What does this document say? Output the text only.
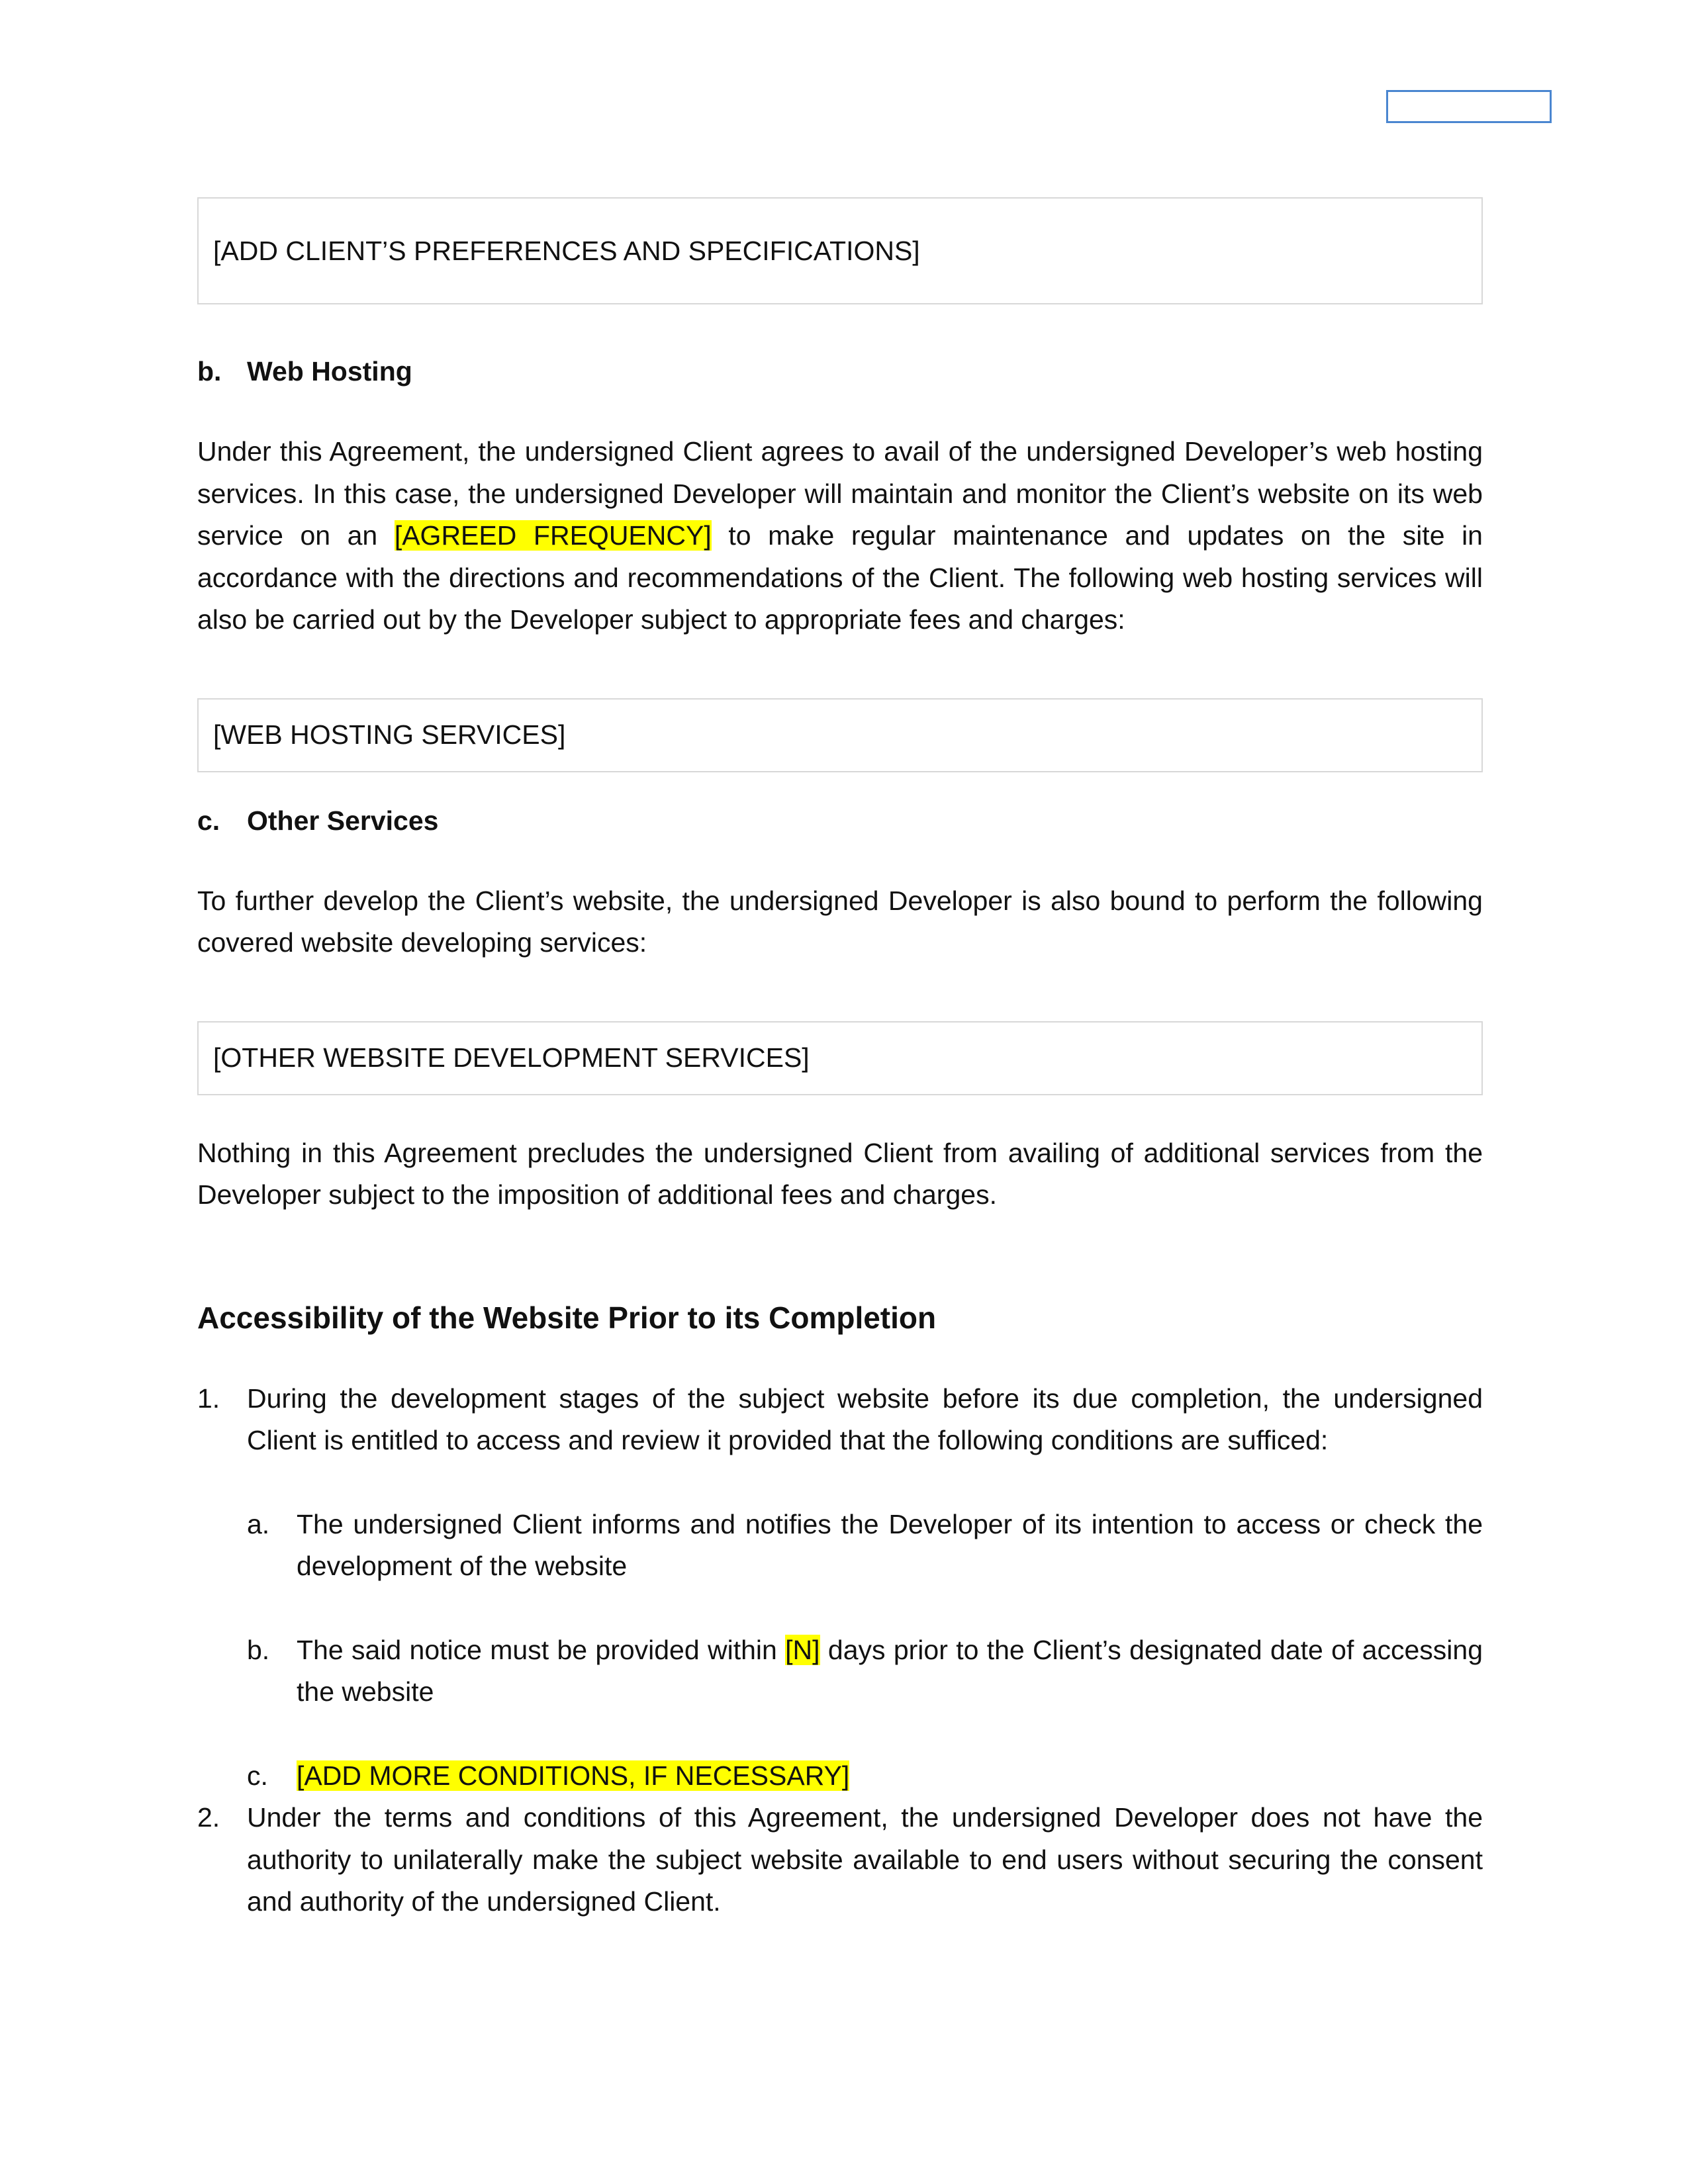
[ADD CLIENT’S PREFERENCES AND SPECIFICATIONS]
b. Web Hosting

Under this Agreement, the undersigned Client agrees to avail of the undersigned Developer’s web hosting services. In this case, the undersigned Developer will maintain and monitor the Client’s website on its web service on an [AGREED FREQUENCY] to make regular maintenance and updates on the site in accordance with the directions and recommendations of the Client. The following web hosting services will also be carried out by the Developer subject to appropriate fees and charges:

[WEB HOSTING SERVICES]
c. Other Services

To further develop the Client’s website, the undersigned Developer is also bound to perform the following covered website developing services:

[OTHER WEBSITE DEVELOPMENT SERVICES]

Nothing in this Agreement precludes the undersigned Client from availing of additional services from the Developer subject to the imposition of additional fees and charges.

Accessibility of the Website Prior to its Completion
1. During the development stages of the subject website before its due completion, the undersigned Client is entitled to access and review it provided that the following conditions are sufficed:
a. The undersigned Client informs and notifies the Developer of its intention to access or check the development of the website
b. The said notice must be provided within [N] days prior to the Client’s designated date of accessing the website
c.	[ADD MORE CONDITIONS, IF NECESSARY]
2. Under the terms and conditions of this Agreement, the undersigned Developer does not have the authority to unilaterally make the subject website available to end users without securing the consent and authority of the undersigned Client.
